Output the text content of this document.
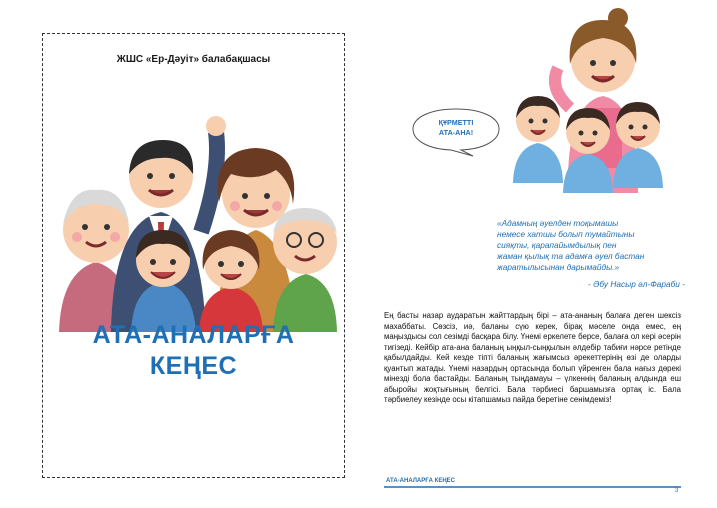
ЖШС «Ер-Дәуіт» балабақшасы
АТА-АНАЛАРҒА
КЕҢЕС
ҚҰРМЕТТІ
АТА-АНА!
«Адамның әуелден тоқымашы
немесе хатшы болып тумайтыны
сияқты, қарапайымдылық пен
жаман қылық та адамға әуел бастан
жаратылысынан дарымайды.»
- Әбу Насыр әл-Фараби -
Ең басты назар аударатын жайттардың бірі – ата-ананың балаға деген шексіз махаббаты. Сөзсіз, иә, баланы сүю керек, бірақ мәселе онда емес, ең маңыздысы сол сезімді басқара білу. Үнемі еркелете берсе, балаға ол кері әсерін тигізеді. Кейбір ата-ана баланың ыңқыл-сыңқылын әлдебір табиғи нәрсе ретінде қабылдайды. Кей кезде тіпті баланың жағымсыз әрекеттерінің өзі де оларды қуантып жатады. Үнемі назардың ортасында болып үйренген бала нағыз дөрекі мінезді бола бастайды. Баланың тыңдамауы – үлкеннің баланың алдында еш абыройы жоқтығының белгісі. Бала тәрбиесі баршамызға ортақ іс. Бала тәрбиелеу кезінде осы кітапшамыз пайда беретіне сенімдеміз!
АТА-АНАЛАРҒА КЕҢЕС
3
